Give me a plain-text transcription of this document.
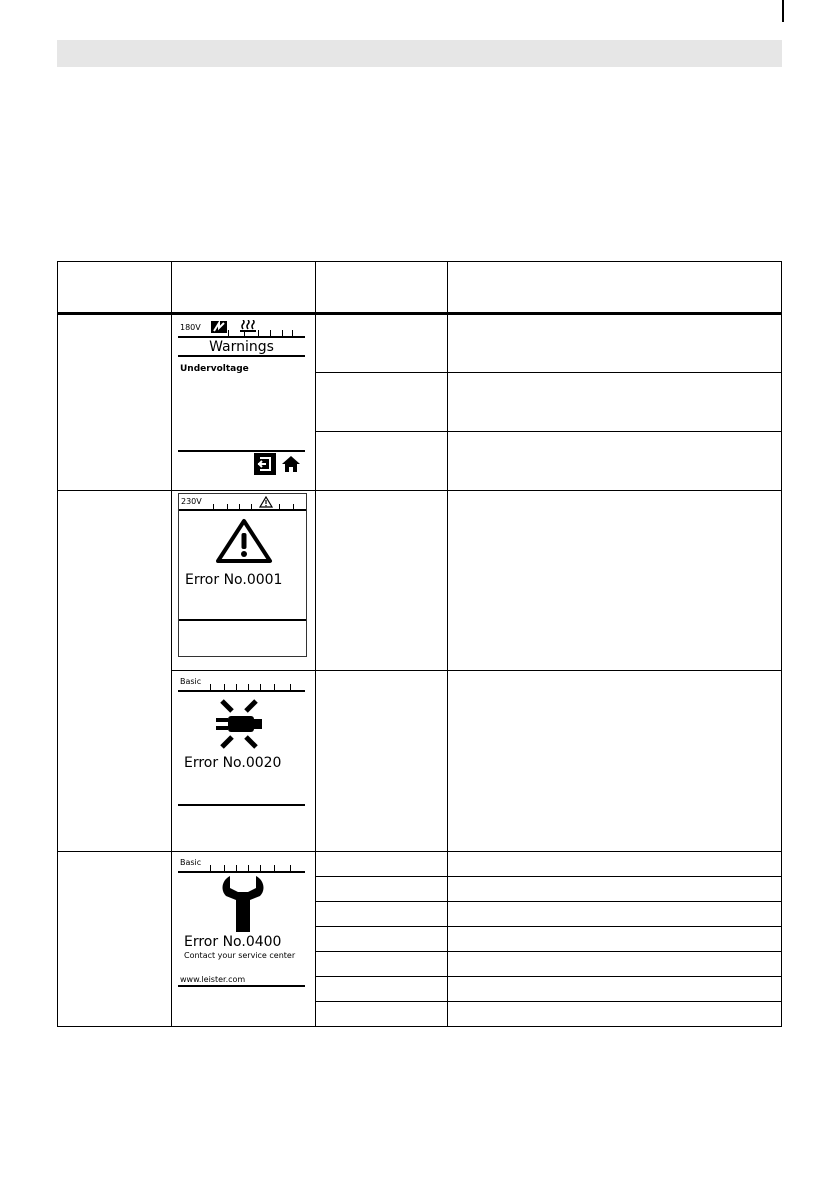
	180V
Warnings
Undervoltage		

	230V
Error No.0001		

	Basic
Error No.0020		

	Basic
Error No.0400
Contact your service center
www.leister.com		
